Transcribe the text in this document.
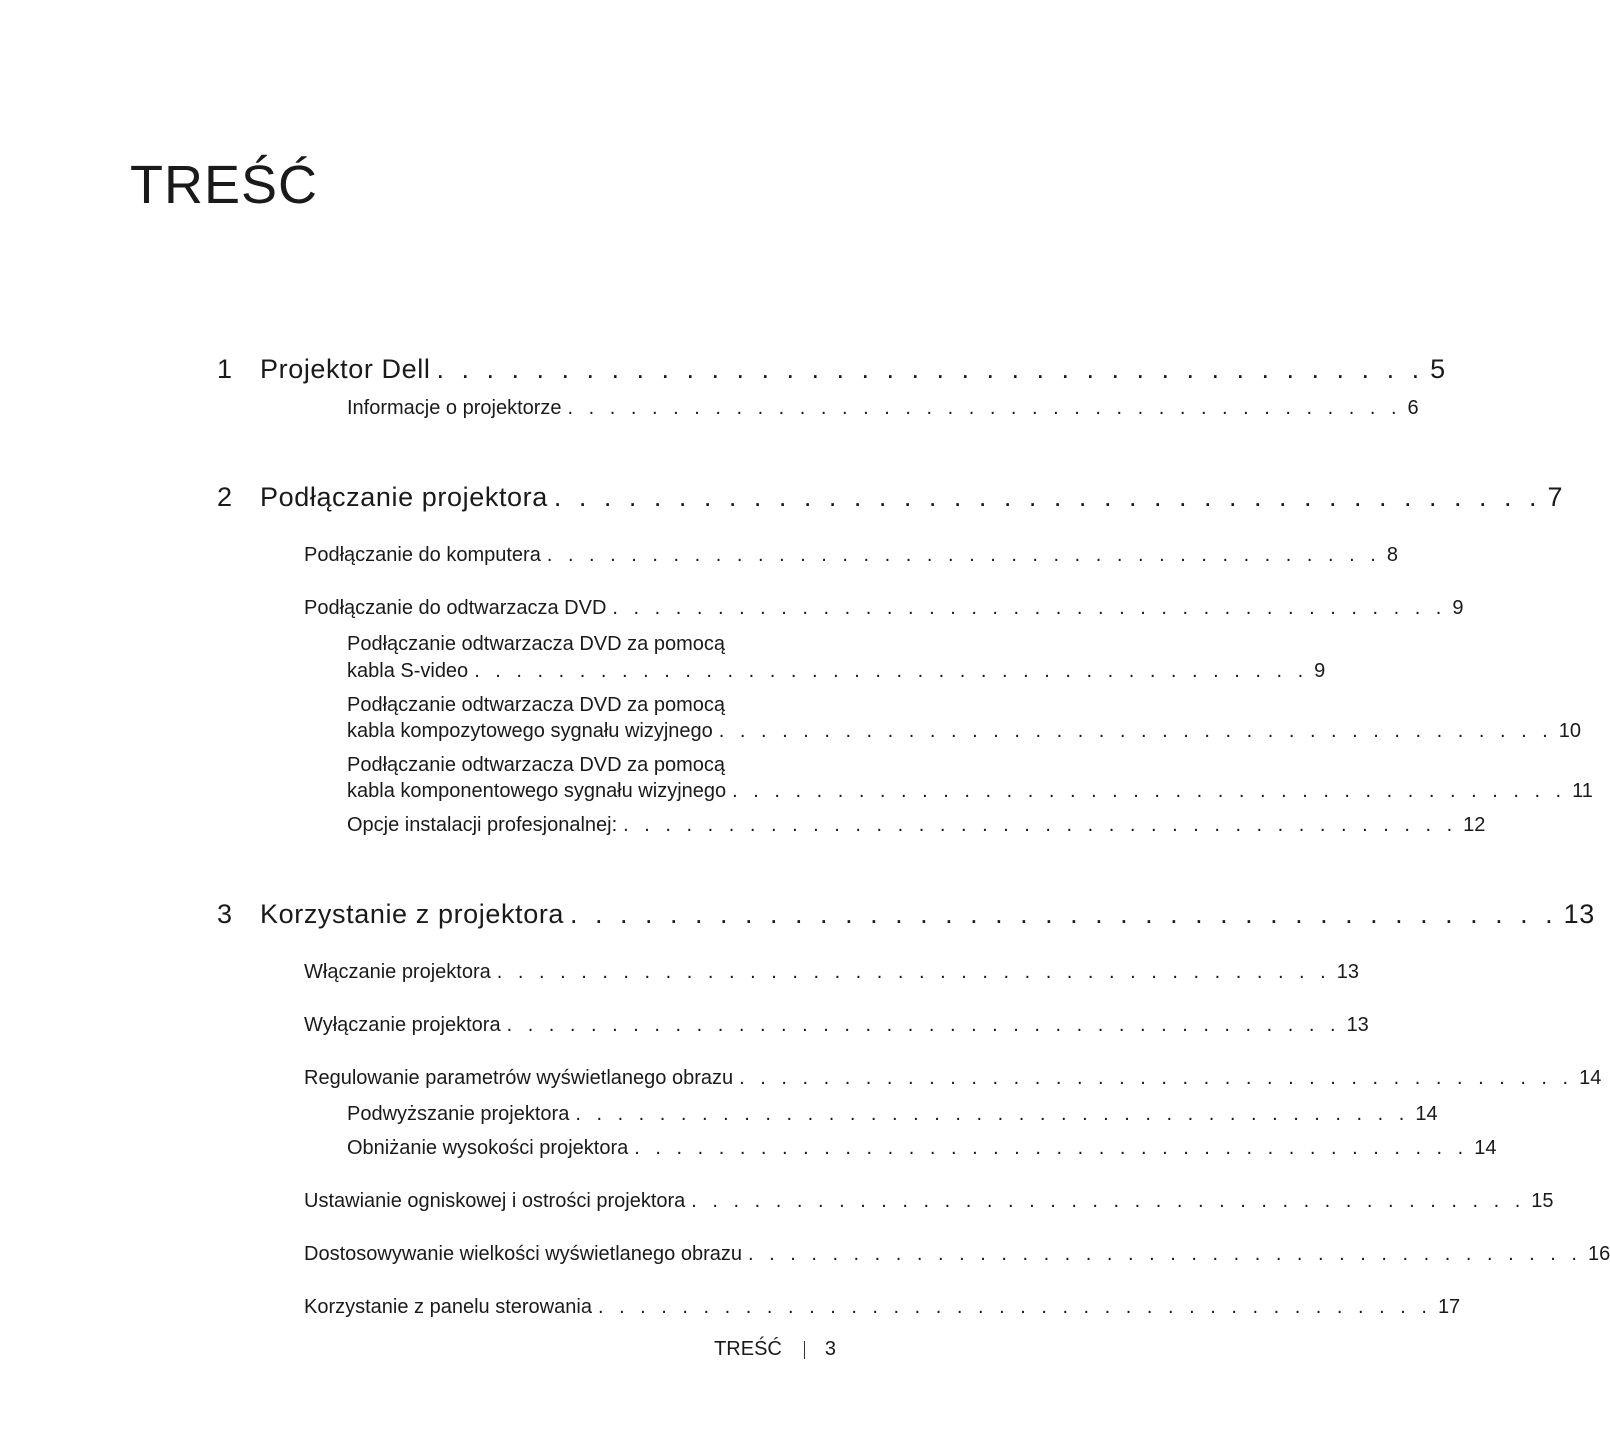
TREŚĆ
1 Projektor Dell . . . . . . . . . . . . . . . . . . . . . . . . . . . . . . . . . . . . . . . . 5
Informacje o projektorze . . . . . . . . . . . . . . . . . . . . . . . . . . . . . . . . . . . . . . . . 6
2 Podłączanie projektora . . . . . . . . . . . . . . . . . . . . . . . . . . . . . . . . . . . . . . . . 7
Podłączanie do komputera . . . . . . . . . . . . . . . . . . . . . . . . . . . . . . . . . . . . . . . . 8
Podłączanie do odtwarzacza DVD . . . . . . . . . . . . . . . . . . . . . . . . . . . . . . . . . . . . . . . . 9
Podłączanie odtwarzacza DVD za pomocą
kabla S-video . . . . . . . . . . . . . . . . . . . . . . . . . . . . . . . . . . . . . . . . 9
Podłączanie odtwarzacza DVD za pomocą
kabla kompozytowego sygnału wizyjnego . . . . . . . . . . . . . . . . . . . . . . . . . . . . . . . . . . . . . . . . 10
Podłączanie odtwarzacza DVD za pomocą
kabla komponentowego sygnału wizyjnego . . . . . . . . . . . . . . . . . . . . . . . . . . . . . . . . . . . . . . . . 11
Opcje instalacji profesjonalnej: . . . . . . . . . . . . . . . . . . . . . . . . . . . . . . . . . . . . . . . . 12
3 Korzystanie z projektora . . . . . . . . . . . . . . . . . . . . . . . . . . . . . . . . . . . . . . . . 13
Włączanie projektora . . . . . . . . . . . . . . . . . . . . . . . . . . . . . . . . . . . . . . . . 13
Wyłączanie projektora . . . . . . . . . . . . . . . . . . . . . . . . . . . . . . . . . . . . . . . . 13
Regulowanie parametrów wyświetlanego obrazu . . . . . . . . . . . . . . . . . . . . . . . . . . . . . . . . . . . . . . . . 14
Podwyższanie projektora . . . . . . . . . . . . . . . . . . . . . . . . . . . . . . . . . . . . . . . . 14
Obniżanie wysokości projektora . . . . . . . . . . . . . . . . . . . . . . . . . . . . . . . . . . . . . . . . 14
Ustawianie ogniskowej i ostrości projektora . . . . . . . . . . . . . . . . . . . . . . . . . . . . . . . . . . . . . . . . 15
Dostosowywanie wielkości wyświetlanego obrazu . . . . . . . . . . . . . . . . . . . . . . . . . . . . . . . . . . . . . . . . 16
Korzystanie z panelu sterowania . . . . . . . . . . . . . . . . . . . . . . . . . . . . . . . . . . . . . . . . 17
TREŚĆ 3
